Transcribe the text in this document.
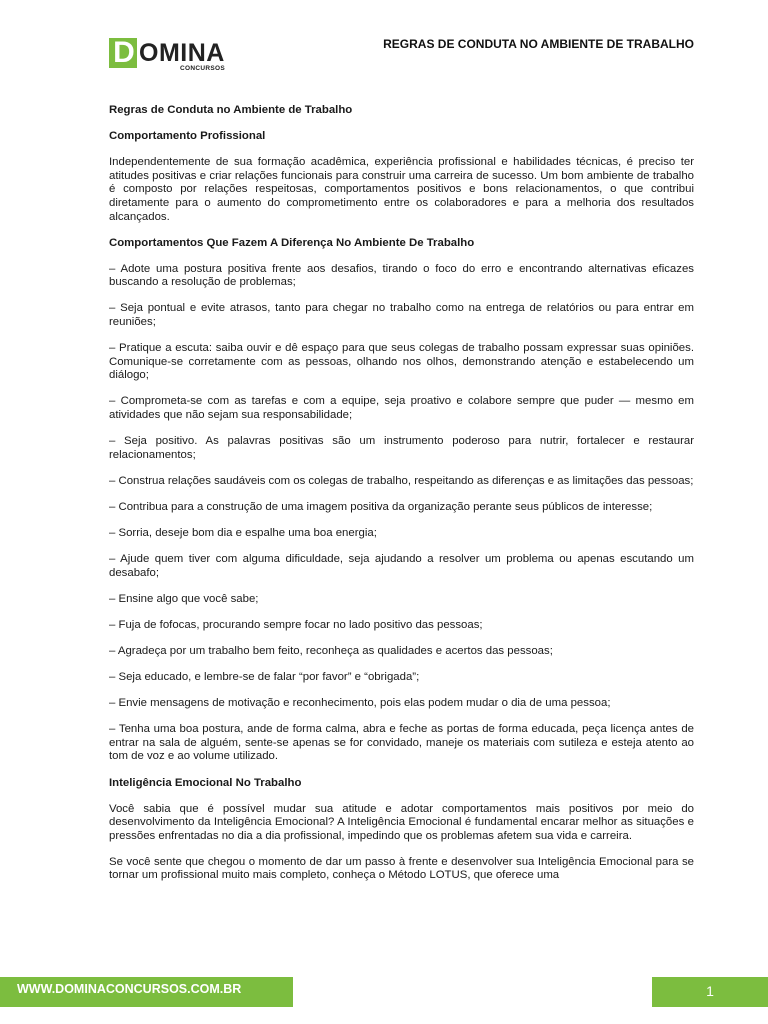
D OMINA
CONCURSOS
REGRAS DE CONDUTA NO AMBIENTE DE TRABALHO

Regras de Conduta no Ambiente de Trabalho

Comportamento Profissional

Independentemente de sua formação acadêmica, experiência profissional e habilidades técnicas, é preciso ter atitudes positivas e criar relações funcionais para construir uma carreira de sucesso. Um bom ambiente de trabalho é composto por relações respeitosas, comportamentos positivos e bons relacionamentos, o que contribui diretamente para o aumento do comprometimento entre os colaboradores e para a melhoria dos resultados alcançados.

Comportamentos Que Fazem A Diferença No Ambiente De Trabalho

– Adote uma postura positiva frente aos desafios, tirando o foco do erro e encontrando alternativas eficazes buscando a resolução de problemas;

– Seja pontual e evite atrasos, tanto para chegar no trabalho como na entrega de relatórios ou para entrar em reuniões;

– Pratique a escuta: saiba ouvir e dê espaço para que seus colegas de trabalho possam expressar suas opiniões. Comunique-se corretamente com as pessoas, olhando nos olhos, demonstrando atenção e estabelecendo um diálogo;

– Comprometa-se com as tarefas e com a equipe, seja proativo e colabore sempre que puder — mesmo em atividades que não sejam sua responsabilidade;

– Seja positivo. As palavras positivas são um instrumento poderoso para nutrir, fortalecer e restaurar relacionamentos;

– Construa relações saudáveis com os colegas de trabalho, respeitando as diferenças e as limitações das pessoas;

– Contribua para a construção de uma imagem positiva da organização perante seus públicos de interesse;

– Sorria, deseje bom dia e espalhe uma boa energia;

– Ajude quem tiver com alguma dificuldade, seja ajudando a resolver um problema ou apenas escutando um desabafo;

– Ensine algo que você sabe;

– Fuja de fofocas, procurando sempre focar no lado positivo das pessoas;

– Agradeça por um trabalho bem feito, reconheça as qualidades e acertos das pessoas;

– Seja educado, e lembre-se de falar “por favor” e “obrigada”;

– Envie mensagens de motivação e reconhecimento, pois elas podem mudar o dia de uma pessoa;

– Tenha uma boa postura, ande de forma calma, abra e feche as portas de forma educada, peça licença antes de entrar na sala de alguém, sente-se apenas se for convidado, maneje os materiais com sutileza e esteja atento ao tom de voz e ao volume utilizado.

Inteligência Emocional No Trabalho

Você sabia que é possível mudar sua atitude e adotar comportamentos mais positivos por meio do desenvolvimento da Inteligência Emocional? A Inteligência Emocional é fundamental encarar melhor as situações e pressões enfrentadas no dia a dia profissional, impedindo que os problemas afetem sua vida e carreira.

Se você sente que chegou o momento de dar um passo à frente e desenvolver sua Inteligência Emocional para se tornar um profissional muito mais completo, conheça o Método LOTUS, que oferece uma

WWW.DOMINACONCURSOS.COM.BR	1
